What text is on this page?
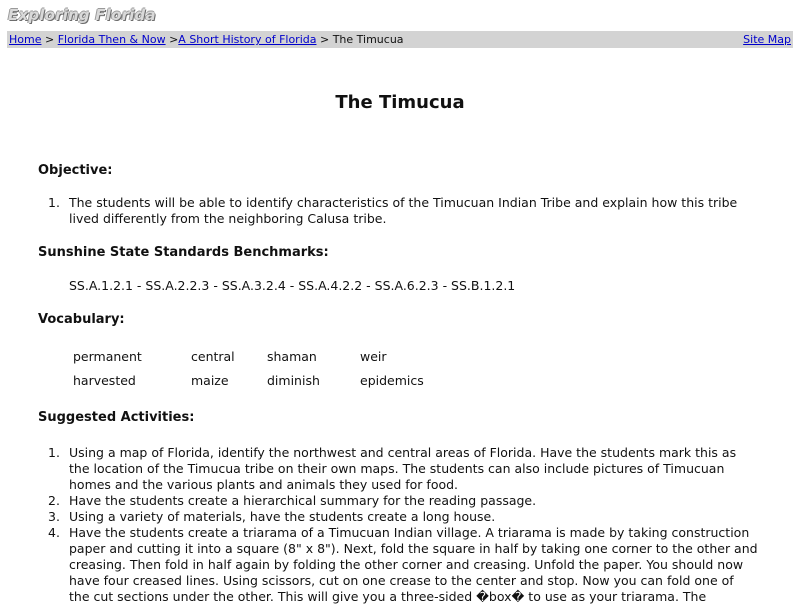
Exploring Florida
Home > Florida Then & Now >A Short History of Florida > The Timucua	Site Map
The Timucua
Objective:
1. The students will be able to identify characteristics of the Timucuan Indian Tribe and explain how this tribe lived differently from the neighboring Calusa tribe.
Sunshine State Standards Benchmarks:

SS.A.1.2.1 - SS.A.2.2.3 - SS.A.3.2.4 - SS.A.4.2.2 - SS.A.6.2.3 - SS.B.1.2.1

Vocabulary:
permanent	central	shaman	weir
harvested	maize	diminish	epidemics
Suggested Activities:
1. Using a map of Florida, identify the northwest and central areas of Florida. Have the students mark this as the location of the Timucua tribe on their own maps. The students can also include pictures of Timucuan homes and the various plants and animals they used for food.
2. Have the students create a hierarchical summary for the reading passage.
3. Using a variety of materials, have the students create a long house.
4. Have the students create a triarama of a Timucuan Indian village. A triarama is made by taking construction paper and cutting it into a square (8" x 8"). Next, fold the square in half by taking one corner to the other and creasing. Then fold in half again by folding the other corner and creasing. Unfold the paper. You should now have four creased lines. Using scissors, cut on one crease to the center and stop. Now you can fold one of the cut sections under the other. This will give you a three-sided �box� to use as your triarama. The
